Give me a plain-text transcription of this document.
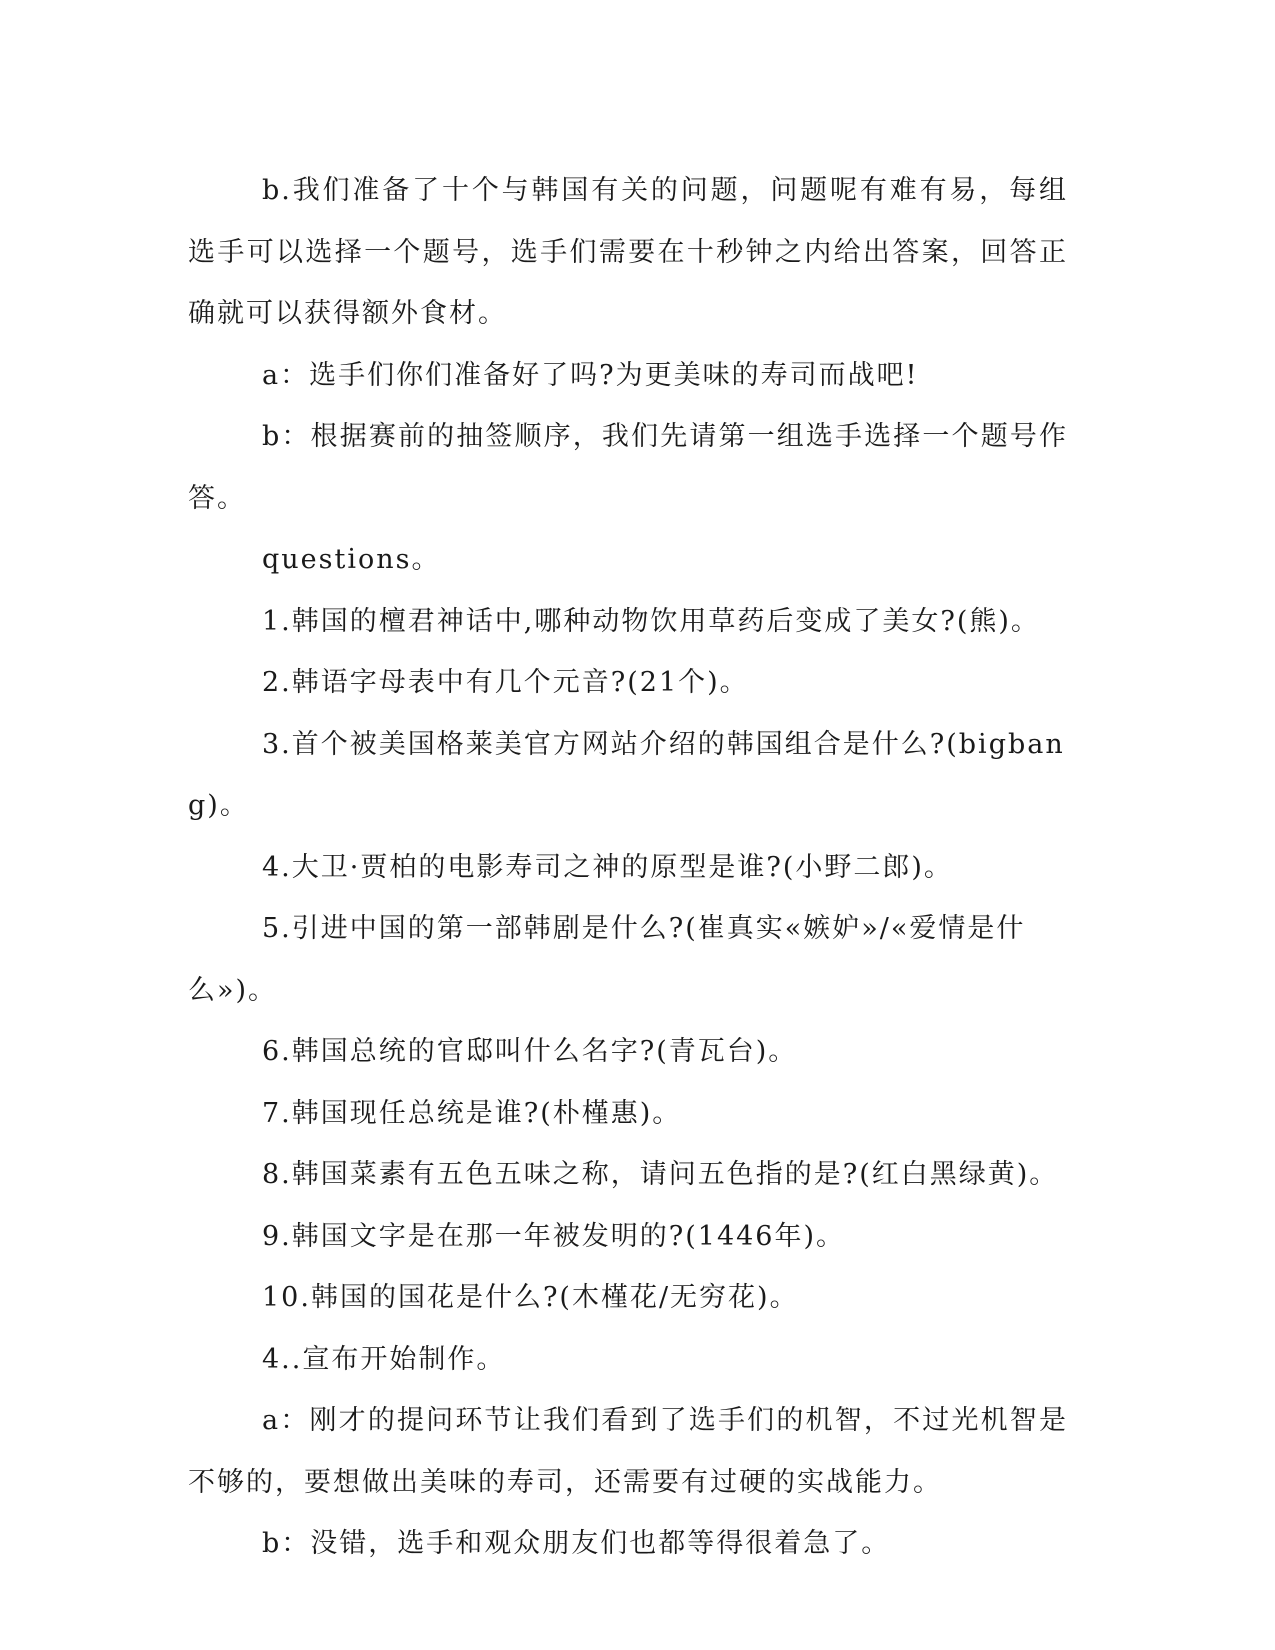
b.我们准备了十个与韩国有关的问题，问题呢有难有易，每组选手可以选择一个题号，选手们需要在十秒钟之内给出答案，回答正确就可以获得额外食材。

a：选手们你们准备好了吗?为更美味的寿司而战吧!

b：根据赛前的抽签顺序，我们先请第一组选手选择一个题号作答。

questions。

1.韩国的檀君神话中,哪种动物饮用草药后变成了美女?(熊)。

2.韩语字母表中有几个元音?(21个)。

3.首个被美国格莱美官方网站介绍的韩国组合是什么?(bigbang)。

4.大卫·贾柏的电影寿司之神的原型是谁?(小野二郎)。

5.引进中国的第一部韩剧是什么?(崔真实«嫉妒»/«爱情是什么»)。

6.韩国总统的官邸叫什么名字?(青瓦台)。

7.韩国现任总统是谁?(朴槿惠)。

8.韩国菜素有五色五味之称，请问五色指的是?(红白黑绿黄)。

9.韩国文字是在那一年被发明的?(1446年)。

10.韩国的国花是什么?(木槿花/无穷花)。

4..宣布开始制作。

a：刚才的提问环节让我们看到了选手们的机智，不过光机智是不够的，要想做出美味的寿司，还需要有过硬的实战能力。

b：没错，选手和观众朋友们也都等得很着急了。
